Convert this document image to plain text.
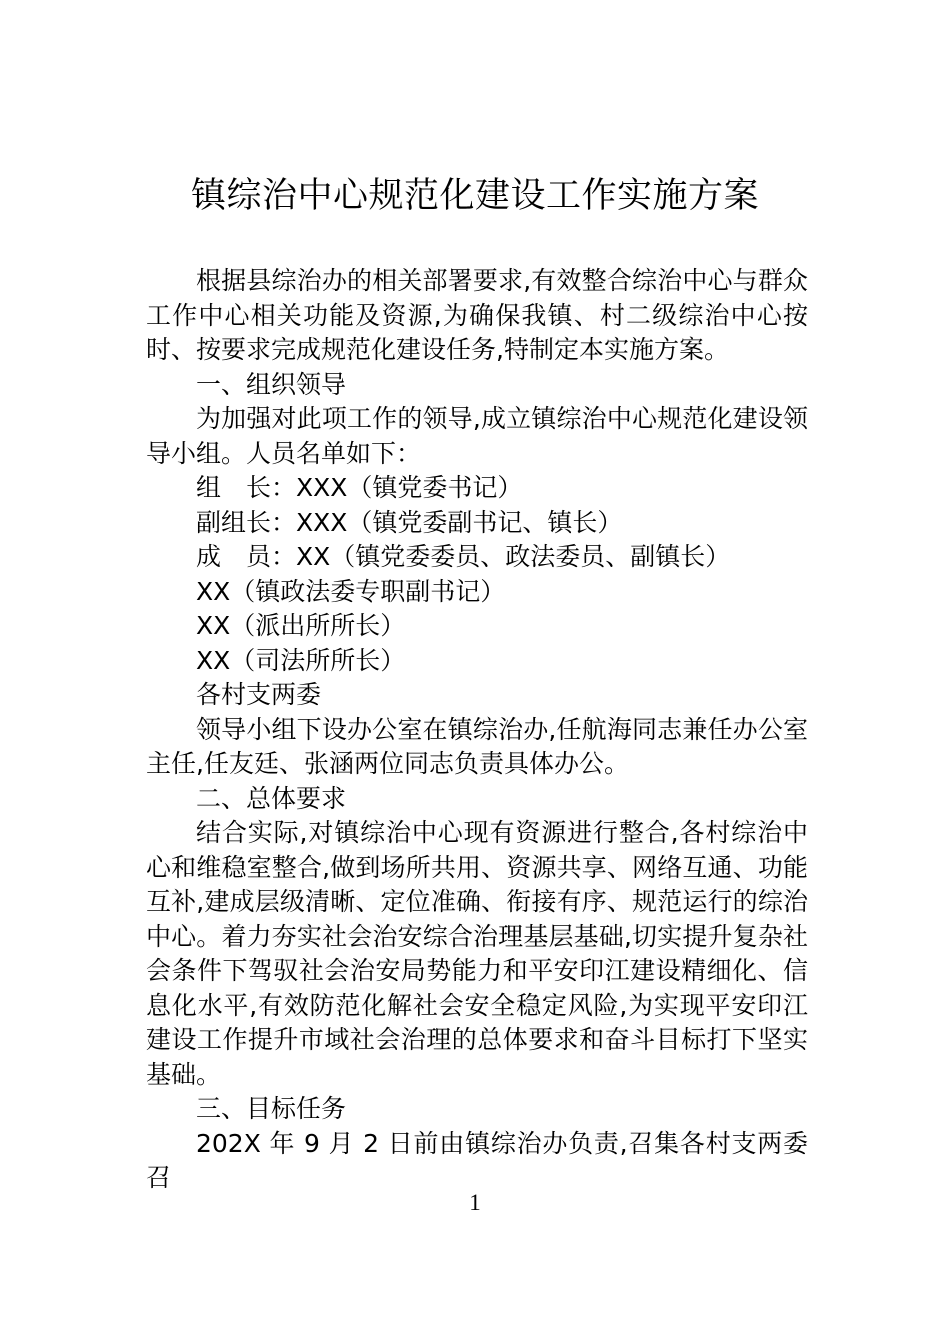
镇综治中心规范化建设工作实施方案

根据县综治办的相关部署要求,有效整合综治中心与群众工作中心相关功能及资源,为确保我镇、村二级综治中心按时、按要求完成规范化建设任务,特制定本实施方案。

一、组织领导

为加强对此项工作的领导,成立镇综治中心规范化建设领导小组。人员名单如下：

组　长：XXX（镇党委书记）

副组长：XXX（镇党委副书记、镇长）

成　员：XX（镇党委委员、政法委员、副镇长）

XX（镇政法委专职副书记）

XX（派出所所长）

XX（司法所所长）

各村支两委

领导小组下设办公室在镇综治办,任航海同志兼任办公室主任,任友廷、张涵两位同志负责具体办公。

二、总体要求

结合实际,对镇综治中心现有资源进行整合,各村综治中心和维稳室整合,做到场所共用、资源共享、网络互通、功能互补,建成层级清晰、定位准确、衔接有序、规范运行的综治中心。着力夯实社会治安综合治理基层基础,切实提升复杂社会条件下驾驭社会治安局势能力和平安印江建设精细化、信息化水平,有效防范化解社会安全稳定风险,为实现平安印江建设工作提升市域社会治理的总体要求和奋斗目标打下坚实基础。

三、目标任务

202X 年 9 月 2 日前由镇综治办负责,召集各村支两委召

1
